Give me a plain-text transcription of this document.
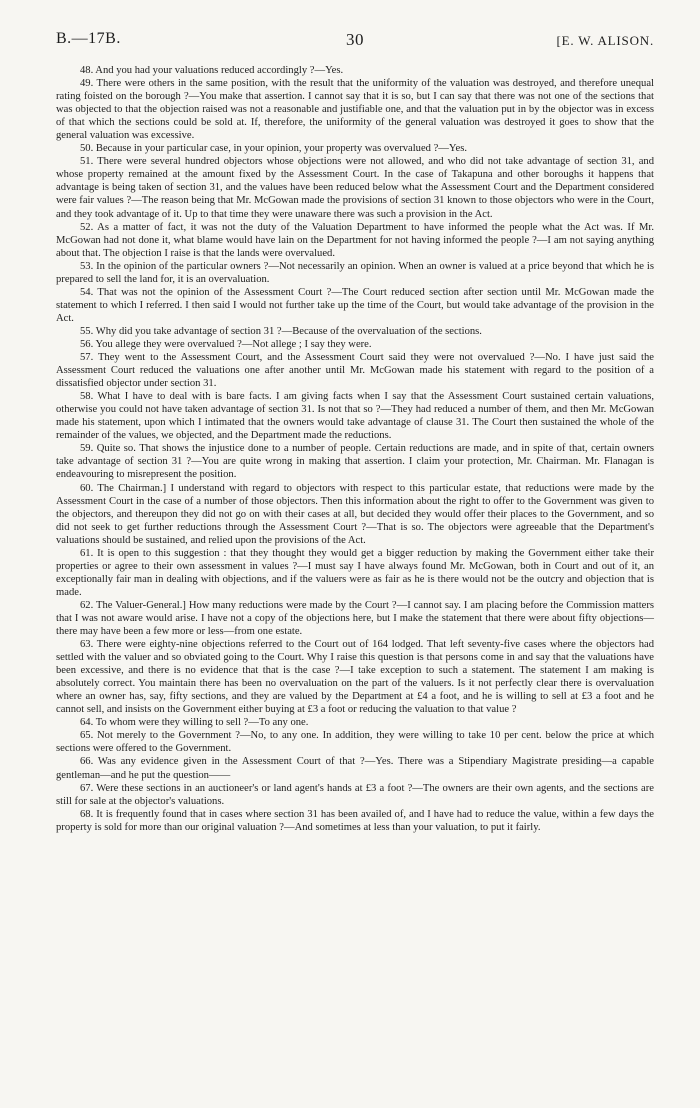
B.—17B.	30	[E. W. ALISON.

48. And you had your valuations reduced accordingly ?—Yes.

49. There were others in the same position, with the result that the uniformity of the valuation was destroyed, and therefore unequal rating foisted on the borough ?—You make that assertion. I cannot say that it is so, but I can say that there was not one of the sections that was objected to that the objection raised was not a reasonable and justifiable one, and that the valuation put in by the objector was in excess of that which the sections could be sold at. If, therefore, the uniformity of the general valuation was destroyed it goes to show that the general valuation was excessive.

50. Because in your particular case, in your opinion, your property was overvalued ?—Yes.

51. There were several hundred objectors whose objections were not allowed, and who did not take advantage of section 31, and whose property remained at the amount fixed by the Assessment Court. In the case of Takapuna and other boroughs it happens that advantage is being taken of section 31, and the values have been reduced below what the Assessment Court and the Department considered were fair values ?—The reason being that Mr. McGowan made the provisions of section 31 known to those objectors who were in the Court, and they took advantage of it. Up to that time they were unaware there was such a provision in the Act.

52. As a matter of fact, it was not the duty of the Valuation Department to have informed the people what the Act was. If Mr. McGowan had not done it, what blame would have lain on the Department for not having informed the people ?—I am not saying anything about that. The objection I raise is that the lands were overvalued.

53. In the opinion of the particular owners ?—Not necessarily an opinion. When an owner is valued at a price beyond that which he is prepared to sell the land for, it is an overvaluation.

54. That was not the opinion of the Assessment Court ?—The Court reduced section after section until Mr. McGowan made the statement to which I referred. I then said I would not further take up the time of the Court, but would take advantage of the provision in the Act.

55. Why did you take advantage of section 31 ?—Because of the overvaluation of the sections.

56. You allege they were overvalued ?—Not allege ; I say they were.

57. They went to the Assessment Court, and the Assessment Court said they were not overvalued ?—No. I have just said the Assessment Court reduced the valuations one after another until Mr. McGowan made his statement with regard to the position of a dissatisfied objector under section 31.

58. What I have to deal with is bare facts. I am giving facts when I say that the Assessment Court sustained certain valuations, otherwise you could not have taken advantage of section 31. Is not that so ?—They had reduced a number of them, and then Mr. McGowan made his statement, upon which I intimated that the owners would take advantage of clause 31. The Court then sustained the whole of the remainder of the values, we objected, and the Department made the reductions.

59. Quite so. That shows the injustice done to a number of people. Certain reductions are made, and in spite of that, certain owners take advantage of section 31 ?—You are quite wrong in making that assertion. I claim your protection, Mr. Chairman. Mr. Flanagan is endeavouring to misrepresent the position.

60. The Chairman.] I understand with regard to objectors with respect to this particular estate, that reductions were made by the Assessment Court in the case of a number of those objectors. Then this information about the right to offer to the Government was given to the objectors, and thereupon they did not go on with their cases at all, but decided they would offer their places to the Government, and so did not seek to get further reductions through the Assessment Court ?—That is so. The objectors were agreeable that the Department's valuations should be sustained, and relied upon the provisions of the Act.

61. It is open to this suggestion : that they thought they would get a bigger reduction by making the Government either take their properties or agree to their own assessment in values ?—I must say I have always found Mr. McGowan, both in Court and out of it, an exceptionally fair man in dealing with objections, and if the valuers were as fair as he is there would not be the outcry and objection that is made.

62. The Valuer-General.] How many reductions were made by the Court ?—I cannot say. I am placing before the Commission matters that I was not aware would arise. I have not a copy of the objections here, but I make the statement that there were about fifty objections—there may have been a few more or less—from one estate.

63. There were eighty-nine objections referred to the Court out of 164 lodged. That left seventy-five cases where the objectors had settled with the valuer and so obviated going to the Court. Why I raise this question is that persons come in and say that the valuations have been excessive, and there is no evidence that that is the case ?—I take exception to such a statement. The statement I am making is absolutely correct. You maintain there has been no overvaluation on the part of the valuers. Is it not perfectly clear there is overvaluation where an owner has, say, fifty sections, and they are valued by the Department at £4 a foot, and he is willing to sell at £3 a foot and he cannot sell, and insists on the Government either buying at £3 a foot or reducing the valuation to that value ?

64. To whom were they willing to sell ?—To any one.

65. Not merely to the Government ?—No, to any one. In addition, they were willing to take 10 per cent. below the price at which sections were offered to the Government.

66. Was any evidence given in the Assessment Court of that ?—Yes. There was a Stipendiary Magistrate presiding—a capable gentleman—and he put the question——

67. Were these sections in an auctioneer's or land agent's hands at £3 a foot ?—The owners are their own agents, and the sections are still for sale at the objector's valuations.

68. It is frequently found that in cases where section 31 has been availed of, and I have had to reduce the value, within a few days the property is sold for more than our original valuation ?—And sometimes at less than your valuation, to put it fairly.
